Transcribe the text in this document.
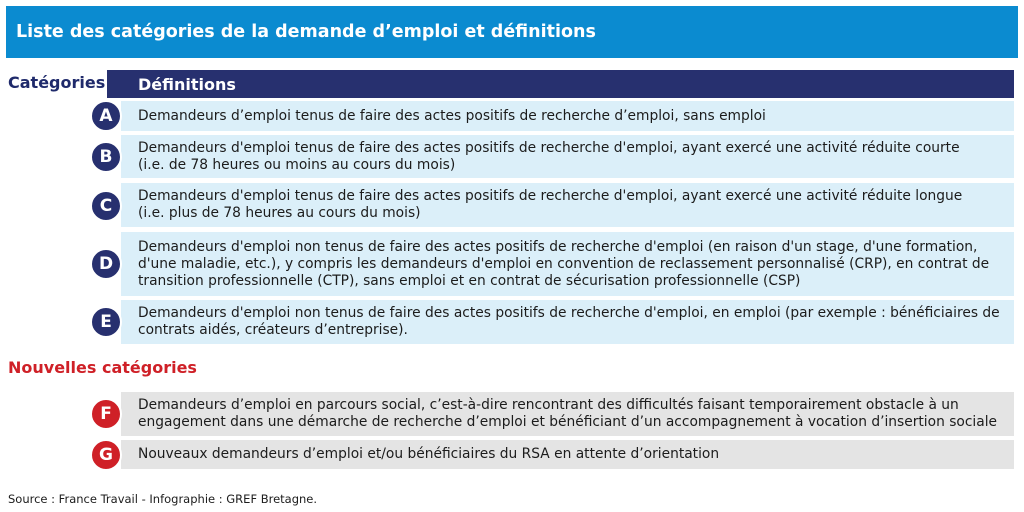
Liste des catégories de la demande d’emploi et définitions
Catégories	Définitions
Demandeurs d’emploi tenus de faire des actes positifs de recherche d’emploi, sans emploi
A
Demandeurs d'emploi tenus de faire des actes positifs de recherche d'emploi, ayant exercé une activité réduite courte
(i.e. de 78 heures ou moins au cours du mois)
B
Demandeurs d'emploi tenus de faire des actes positifs de recherche d'emploi, ayant exercé une activité réduite longue
(i.e. plus de 78 heures au cours du mois)
C
Demandeurs d'emploi non tenus de faire des actes positifs de recherche d'emploi (en raison d'un stage, d'une formation,
d'une maladie, etc.), y compris les demandeurs d'emploi en convention de reclassement personnalisé (CRP), en contrat de
transition professionnelle (CTP), sans emploi et en contrat de sécurisation professionnelle (CSP)
D
Demandeurs d'emploi non tenus de faire des actes positifs de recherche d'emploi, en emploi (par exemple : bénéficiaires de
contrats aidés, créateurs d’entreprise).
E
Nouvelles catégories
Demandeurs d’emploi en parcours social, c’est-à-dire rencontrant des difficultés faisant temporairement obstacle à un
engagement dans une démarche de recherche d’emploi et bénéficiant d’un accompagnement à vocation d’insertion sociale
F
Nouveaux demandeurs d’emploi et/ou bénéficiaires du RSA en attente d’orientation
G
Source : France Travail - Infographie : GREF Bretagne.
